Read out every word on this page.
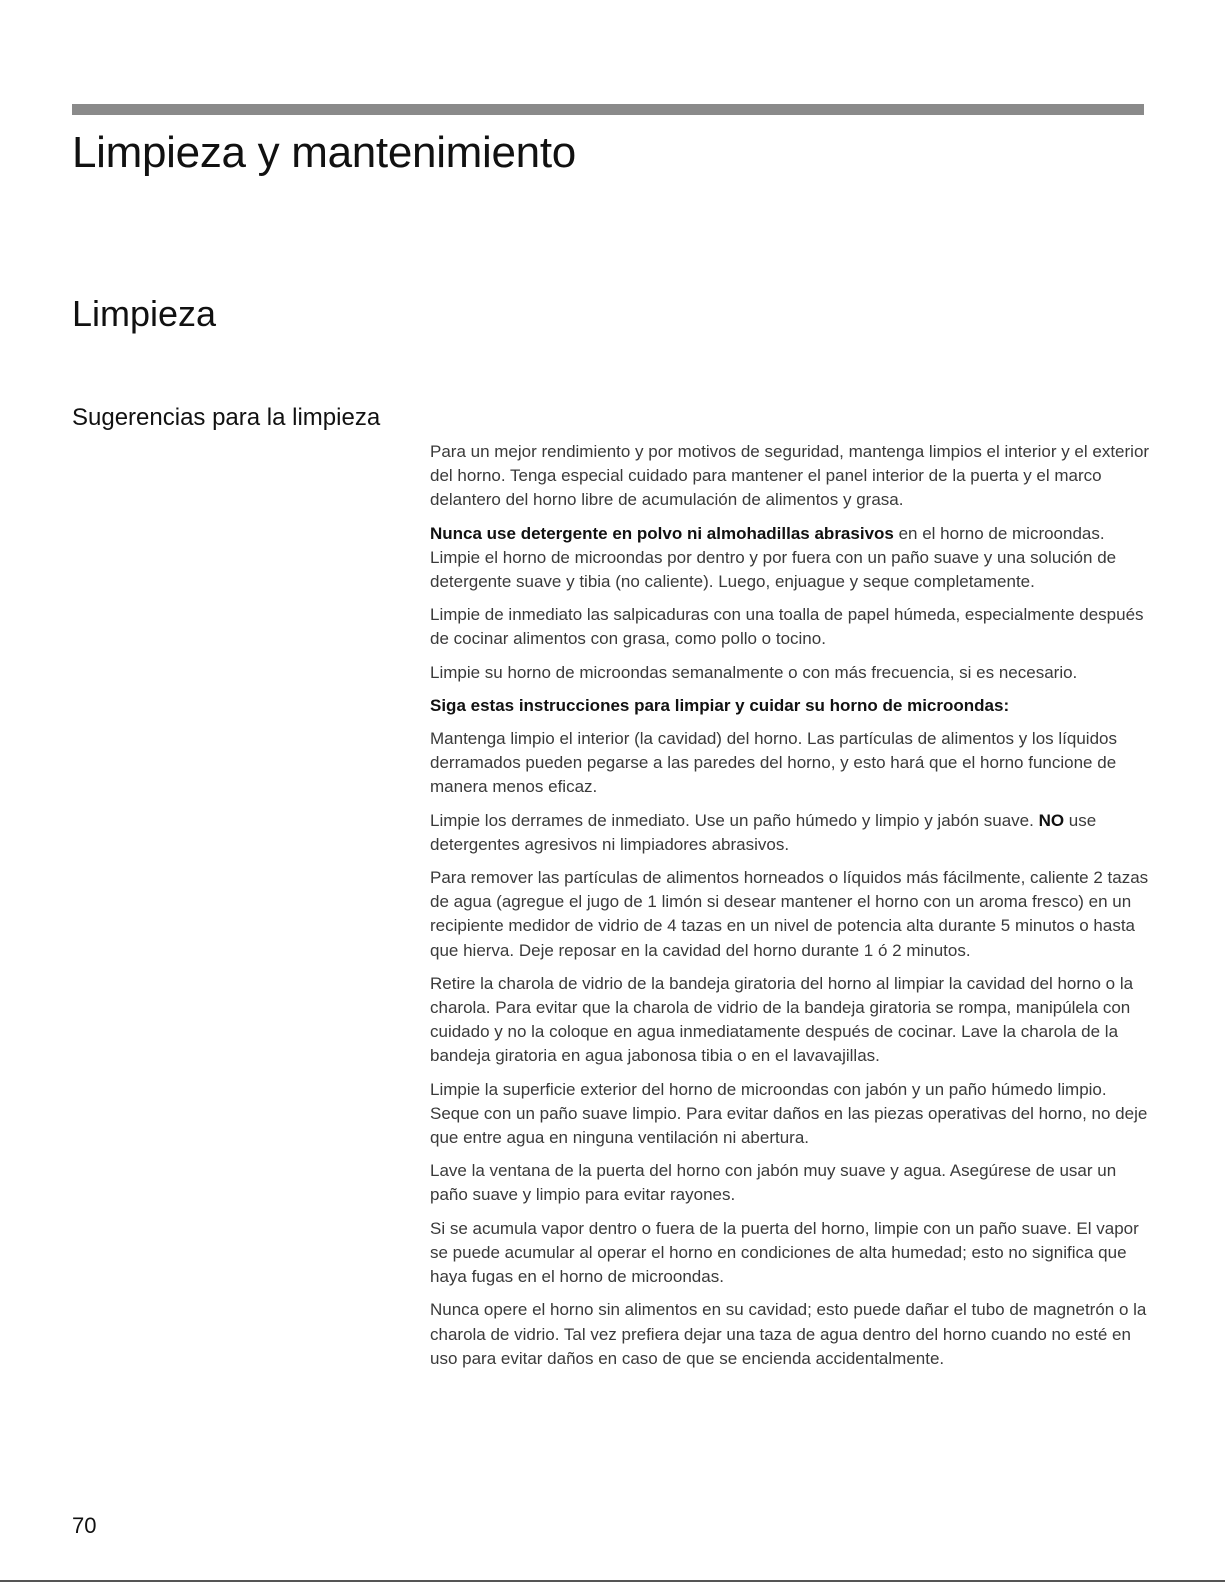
Limpieza y mantenimiento
Limpieza
Sugerencias para la limpieza

Para un mejor rendimiento y por motivos de seguridad, mantenga limpios el interior y el exterior del horno. Tenga especial cuidado para mantener el panel interior de la puerta y el marco delantero del horno libre de acumulación de alimentos y grasa.

Nunca use detergente en polvo ni almohadillas abrasivos en el horno de microondas. Limpie el horno de microondas por dentro y por fuera con un paño suave y una solución de detergente suave y tibia (no caliente). Luego, enjuague y seque completamente.

Limpie de inmediato las salpicaduras con una toalla de papel húmeda, especialmente después de cocinar alimentos con grasa, como pollo o tocino.

Limpie su horno de microondas semanalmente o con más frecuencia, si es necesario.

Siga estas instrucciones para limpiar y cuidar su horno de microondas:

Mantenga limpio el interior (la cavidad) del horno. Las partículas de alimentos y los líquidos derramados pueden pegarse a las paredes del horno, y esto hará que el horno funcione de manera menos eficaz.

Limpie los derrames de inmediato. Use un paño húmedo y limpio y jabón suave. NO use detergentes agresivos ni limpiadores abrasivos.

Para remover las partículas de alimentos horneados o líquidos más fácilmente, caliente 2 tazas de agua (agregue el jugo de 1 limón si desear mantener el horno con un aroma fresco) en un recipiente medidor de vidrio de 4 tazas en un nivel de potencia alta durante 5 minutos o hasta que hierva. Deje reposar en la cavidad del horno durante 1 ó 2 minutos.

Retire la charola de vidrio de la bandeja giratoria del horno al limpiar la cavidad del horno o la charola. Para evitar que la charola de vidrio de la bandeja giratoria se rompa, manipúlela con cuidado y no la coloque en agua inmediatamente después de cocinar. Lave la charola de la bandeja giratoria en agua jabonosa tibia o en el lavavajillas.

Limpie la superficie exterior del horno de microondas con jabón y un paño húmedo limpio. Seque con un paño suave limpio. Para evitar daños en las piezas operativas del horno, no deje que entre agua en ninguna ventilación ni abertura.

Lave la ventana de la puerta del horno con jabón muy suave y agua. Asegúrese de usar un paño suave y limpio para evitar rayones.

Si se acumula vapor dentro o fuera de la puerta del horno, limpie con un paño suave. El vapor se puede acumular al operar el horno en condiciones de alta humedad; esto no significa que haya fugas en el horno de microondas.

Nunca opere el horno sin alimentos en su cavidad; esto puede dañar el tubo de magnetrón o la charola de vidrio. Tal vez prefiera dejar una taza de agua dentro del horno cuando no esté en uso para evitar daños en caso de que se encienda accidentalmente.

70
